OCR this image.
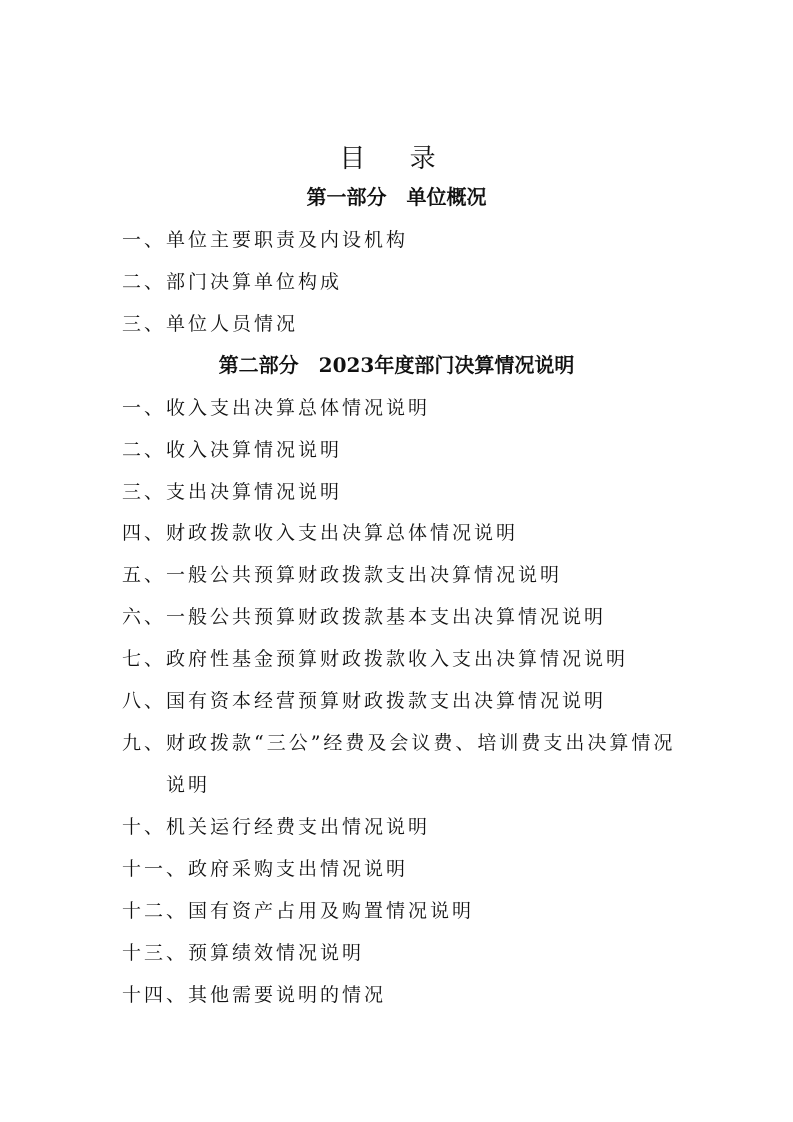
目 录
第一部分　单位概况
一、单位主要职责及内设机构
二、部门决算单位构成
三、单位人员情况
第二部分　2023年度部门决算情况说明
一、收入支出决算总体情况说明
二、收入决算情况说明
三、支出决算情况说明
四、财政拨款收入支出决算总体情况说明
五、一般公共预算财政拨款支出决算情况说明
六、一般公共预算财政拨款基本支出决算情况说明
七、政府性基金预算财政拨款收入支出决算情况说明
八、国有资本经营预算财政拨款支出决算情况说明
九、财政拨款“三公”经费及会议费、培训费支出决算情况
说明
十、机关运行经费支出情况说明
十一、政府采购支出情况说明
十二、国有资产占用及购置情况说明
十三、预算绩效情况说明
十四、其他需要说明的情况
